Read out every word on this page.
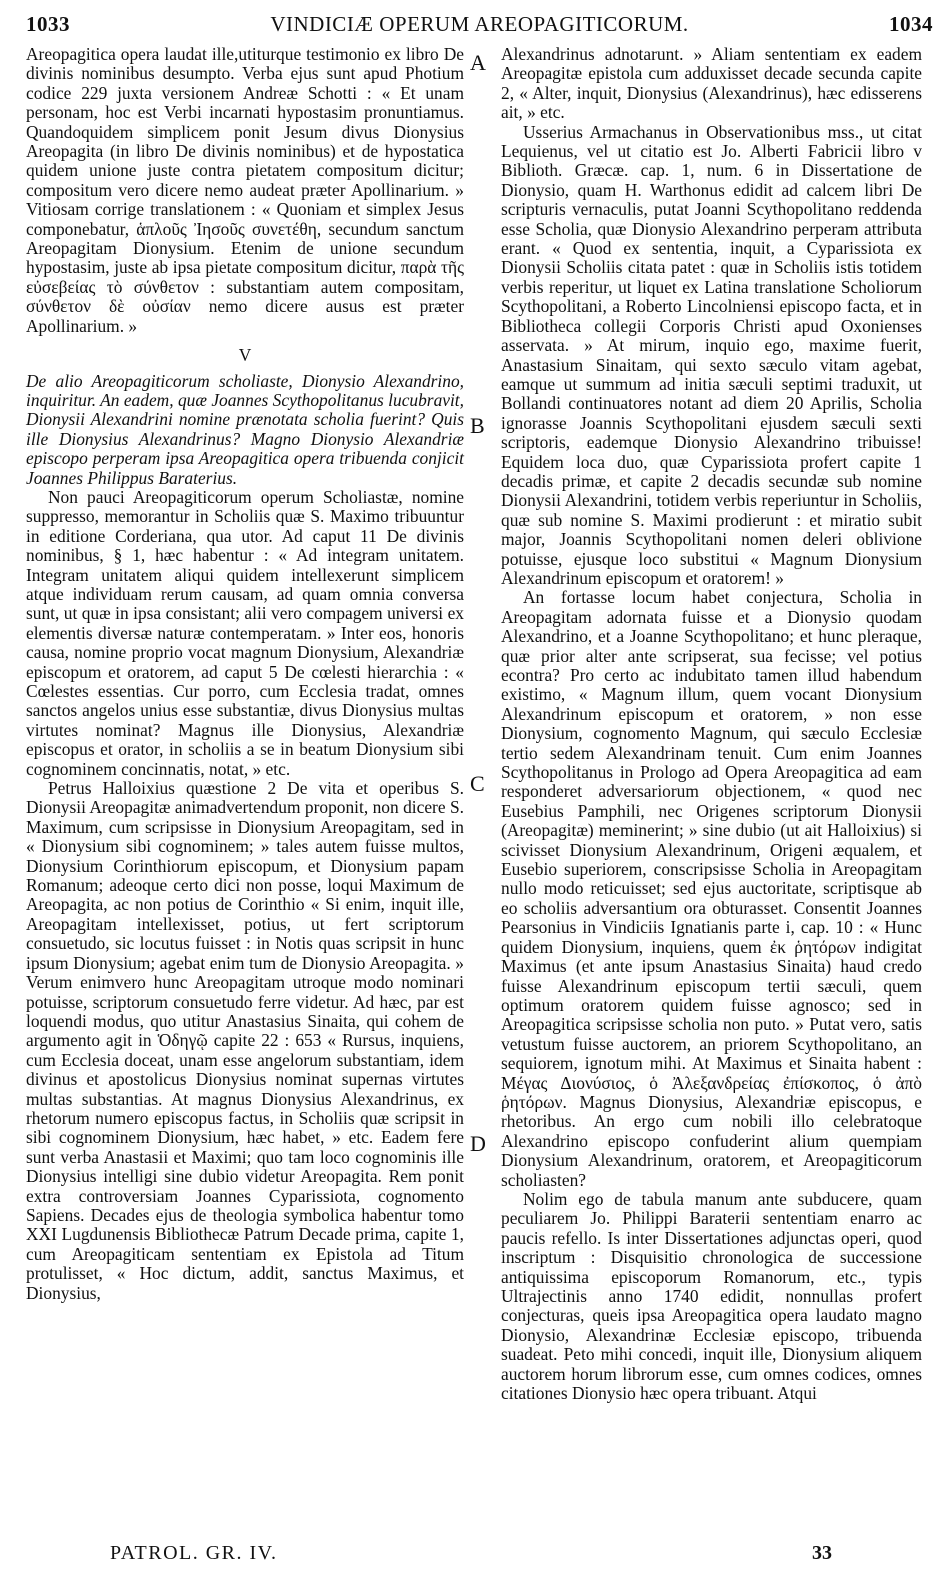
1033	VINDICIÆ OPERUM AREOPAGITICORUM.	1034
A
B
C
D

Areopagitica opera laudat ille,utiturque testimonio ex libro De divinis nominibus desumpto. Verba ejus sunt apud Photium codice 229 juxta versionem Andreæ Schotti : « Et unam personam, hoc est Verbi incarnati hypostasim pronuntiamus. Quandoquidem simplicem ponit Jesum divus Dionysius Areopagita (in libro De divinis nominibus) et de hypostatica quidem unione juste contra pietatem compositum dicitur; compositum vero dicere nemo audeat præter Apollinarium. » Vitiosam corrige translationem : « Quoniam et simplex Jesus componebatur, ἁπλοῦς Ἰησοῦς συνετέθη, secundum sanctum Areopagitam Dionysium. Etenim de unione secundum hypostasim, juste ab ipsa pietate compositum dicitur, παρὰ τῆς εὐσεβείας τὸ σύνθετον : substantiam autem compositam, σύνθετον δὲ οὐσίαν nemo dicere ausus est præter Apollinarium. »

V

De alio Areopagiticorum scholiaste, Dionysio Alexandrino, inquiritur. An eadem, quæ Joannes Scythopolitanus lucubravit, Dionysii Alexandrini nomine prænotata scholia fuerint? Quis ille Dionysius Alexandrinus? Magno Dionysio Alexandriæ episcopo perperam ipsa Areopagitica opera tribuenda conjicit Joannes Philippus Baraterius.

Non pauci Areopagiticorum operum Scholiastæ, nomine suppresso, memorantur in Scholiis quæ S. Maximo tribuuntur in editione Corderiana, qua utor. Ad caput 11 De divinis nominibus, § 1, hæc habentur : « Ad integram unitatem. Integram unitatem aliqui quidem intellexerunt simplicem atque individuam rerum causam, ad quam omnia conversa sunt, ut quæ in ipsa consistant; alii vero compagem universi ex elementis diversæ naturæ contemperatam. » Inter eos, honoris causa, nomine proprio vocat magnum Dionysium, Alexandriæ episcopum et oratorem, ad caput 5 De cœlesti hierarchia : « Cœlestes essentias. Cur porro, cum Ecclesia tradat, omnes sanctos angelos unius esse substantiæ, divus Dionysius multas virtutes nominat? Magnus ille Dionysius, Alexandriæ episcopus et orator, in scholiis a se in beatum Dionysium sibi cognominem concinnatis, notat, » etc.

Petrus Halloixius quæstione 2 De vita et operibus S. Dionysii Areopagitæ animadvertendum proponit, non dicere S. Maximum, cum scripsisse in Dionysium Areopagitam, sed in « Dionysium sibi cognominem; » tales autem fuisse multos, Dionysium Corinthiorum episcopum, et Dionysium papam Romanum; adeoque certo dici non posse, loqui Maximum de Areopagita, ac non potius de Corinthio « Si enim, inquit ille, Areopagitam intellexisset, potius, ut fert scriptorum consuetudo, sic locutus fuisset : in Notis quas scripsit in hunc ipsum Dionysium; agebat enim tum de Dionysio Areopagita. » Verum enimvero hunc Areopagitam utroque modo nominari potuisse, scriptorum consuetudo ferre videtur. Ad hæc, par est loquendi modus, quo utitur Anastasius Sinaita, qui cohem de argumento agit in Ὁδηγῷ capite 22 : 653 « Rursus, inquiens, cum Ecclesia doceat, unam esse angelorum substantiam, idem divinus et apostolicus Dionysius nominat supernas virtutes multas substantias. At magnus Dionysius Alexandrinus, ex rhetorum numero episcopus factus, in Scholiis quæ scripsit in sibi cognominem Dionysium, hæc habet, » etc. Eadem fere sunt verba Anastasii et Maximi; quo tam loco cognominis ille Dionysius intelligi sine dubio videtur Areopagita. Rem ponit extra controversiam Joannes Cyparissiota, cognomento Sapiens. Decades ejus de theologia symbolica habentur tomo XXI Lugdunensis Bibliothecæ Patrum Decade prima, capite 1, cum Areopagiticam sententiam ex Epistola ad Titum protulisset, « Hoc dictum, addit, sanctus Maximus, et Dionysius,

Alexandrinus adnotarunt. » Aliam sententiam ex eadem Areopagitæ epistola cum adduxisset decade secunda capite 2, « Alter, inquit, Dionysius (Alexandrinus), hæc edisserens ait, » etc.

Usserius Armachanus in Observationibus mss., ut citat Lequienus, vel ut citatio est Jo. Alberti Fabricii libro v Biblioth. Græcæ. cap. 1, num. 6 in Dissertatione de Dionysio, quam H. Warthonus edidit ad calcem libri De scripturis vernaculis, putat Joanni Scythopolitano reddenda esse Scholia, quæ Dionysio Alexandrino perperam attributa erant. « Quod ex sententia, inquit, a Cyparissiota ex Dionysii Scholiis citata patet : quæ in Scholiis istis totidem verbis reperitur, ut liquet ex Latina translatione Scholiorum Scythopolitani, a Roberto Lincolniensi episcopo facta, et in Bibliotheca collegii Corporis Christi apud Oxonienses asservata. » At mirum, inquio ego, maxime fuerit, Anastasium Sinaitam, qui sexto sæculo vitam agebat, eamque ut summum ad initia sæculi septimi traduxit, ut Bollandi continuatores notant ad diem 20 Aprilis, Scholia ignorasse Joannis Scythopolitani ejusdem sæculi sexti scriptoris, eademque Dionysio Alexandrino tribuisse! Equidem loca duo, quæ Cyparissiota profert capite 1 decadis primæ, et capite 2 decadis secundæ sub nomine Dionysii Alexandrini, totidem verbis reperiuntur in Scholiis, quæ sub nomine S. Maximi prodierunt : et miratio subit major, Joannis Scythopolitani nomen deleri oblivione potuisse, ejusque loco substitui « Magnum Dionysium Alexandrinum episcopum et oratorem! »

An fortasse locum habet conjectura, Scholia in Areopagitam adornata fuisse et a Dionysio quodam Alexandrino, et a Joanne Scythopolitano; et hunc pleraque, quæ prior alter ante scripserat, sua fecisse; vel potius econtra? Pro certo ac indubitato tamen illud habendum existimo, « Magnum illum, quem vocant Dionysium Alexandrinum episcopum et oratorem, » non esse Dionysium, cognomento Magnum, qui sæculo Ecclesiæ tertio sedem Alexandrinam tenuit. Cum enim Joannes Scythopolitanus in Prologo ad Opera Areopagitica ad eam responderet adversariorum objectionem, « quod nec Eusebius Pamphili, nec Origenes scriptorum Dionysii (Areopagitæ) meminerint; » sine dubio (ut ait Halloixius) si scivisset Dionysium Alexandrinum, Origeni æqualem, et Eusebio superiorem, conscripsisse Scholia in Areopagitam nullo modo reticuisset; sed ejus auctoritate, scriptisque ab eo scholiis adversantium ora obturasset. Consentit Joannes Pearsonius in Vindiciis Ignatianis parte i, cap. 10 : « Hunc quidem Dionysium, inquiens, quem ἐκ ῥητόρων indigitat Maximus (et ante ipsum Anastasius Sinaita) haud credo fuisse Alexandrinum episcopum tertii sæculi, quem optimum oratorem quidem fuisse agnosco; sed in Areopagitica scripsisse scholia non puto. » Putat vero, satis vetustum fuisse auctorem, an priorem Scythopolitano, an sequiorem, ignotum mihi. At Maximus et Sinaita habent : Μέγας Διονύσιος, ὁ Ἀλεξανδρείας ἐπίσκοπος, ὁ ἀπὸ ῥητόρων. Magnus Dionysius, Alexandriæ episcopus, e rhetoribus. An ergo cum nobili illo celebratoque Alexandrino episcopo confuderint alium quempiam Dionysium Alexandrinum, oratorem, et Areopagiticorum scholiasten?

Nolim ego de tabula manum ante subducere, quam peculiarem Jo. Philippi Baraterii sententiam enarro ac paucis refello. Is inter Dissertationes adjunctas operi, quod inscriptum : Disquisitio chronologica de successione antiquissima episcoporum Romanorum, etc., typis Ultrajectinis anno 1740 edidit, nonnullas profert conjecturas, queis ipsa Areopagitica opera laudato magno Dionysio, Alexandrinæ Ecclesiæ episcopo, tribuenda suadeat. Peto mihi concedi, inquit ille, Dionysium aliquem auctorem horum librorum esse, cum omnes codices, omnes citationes Dionysio hæc opera tribuant. Atqui

PATROL. GR. IV.	33
